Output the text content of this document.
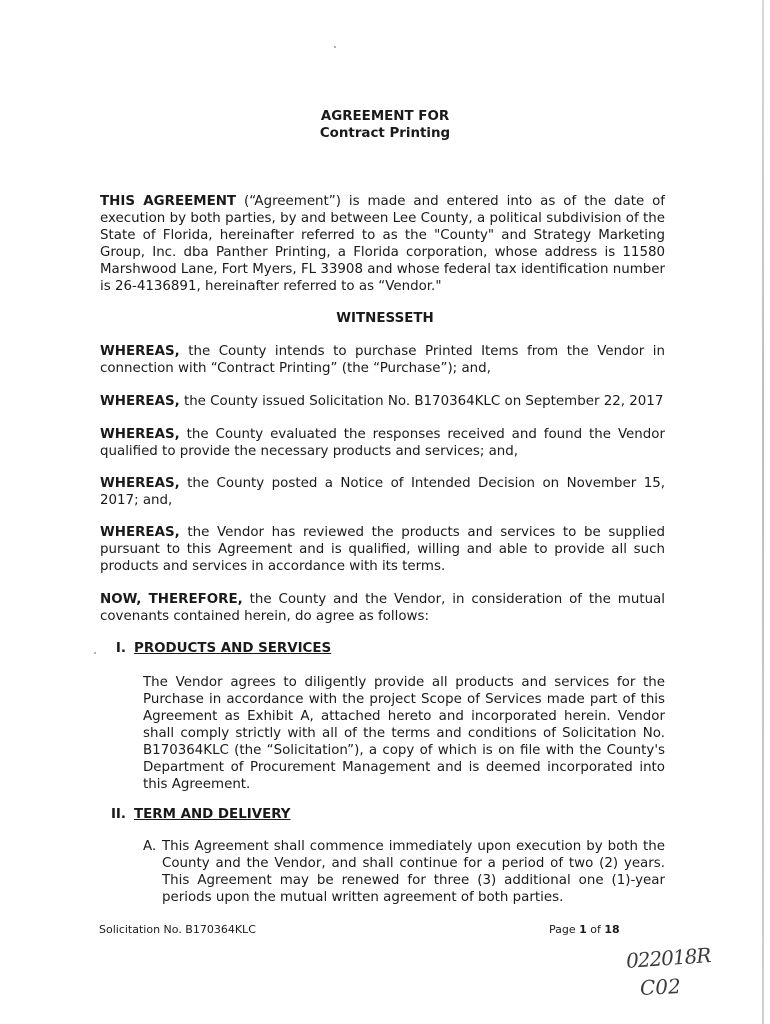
AGREEMENT FOR
Contract Printing
THIS AGREEMENT (“Agreement”) is made and entered into as of the date of execution by both parties, by and between Lee County, a political subdivision of the State of Florida, hereinafter referred to as the "County" and Strategy Marketing Group, Inc. dba Panther Printing, a Florida corporation, whose address is 11580 Marshwood Lane, Fort Myers, FL 33908 and whose federal tax identification number is 26-4136891, hereinafter referred to as “Vendor."
WITNESSETH
WHEREAS, the County intends to purchase Printed Items from the Vendor in connection with “Contract Printing” (the “Purchase”); and,
WHEREAS, the County issued Solicitation No. B170364KLC on September 22, 2017
WHEREAS, the County evaluated the responses received and found the Vendor qualified to provide the necessary products and services; and,
WHEREAS, the County posted a Notice of Intended Decision on November 15, 2017; and,
WHEREAS, the Vendor has reviewed the products and services to be supplied pursuant to this Agreement and is qualified, willing and able to provide all such products and services in accordance with its terms.
NOW, THEREFORE, the County and the Vendor, in consideration of the mutual covenants contained herein, do agree as follows:
I. PRODUCTS AND SERVICES
The Vendor agrees to diligently provide all products and services for the Purchase in accordance with the project Scope of Services made part of this Agreement as Exhibit A, attached hereto and incorporated herein. Vendor shall comply strictly with all of the terms and conditions of Solicitation No. B170364KLC (the “Solicitation”), a copy of which is on file with the County's Department of Procurement Management and is deemed incorporated into this Agreement.
II. TERM AND DELIVERY
A. This Agreement shall commence immediately upon execution by both the County and the Vendor, and shall continue for a period of two (2) years. This Agreement may be renewed for three (3) additional one (1)-year periods upon the mutual written agreement of both parties.
Solicitation No. B170364KLC	Page 1 of 18
022018R
C02
